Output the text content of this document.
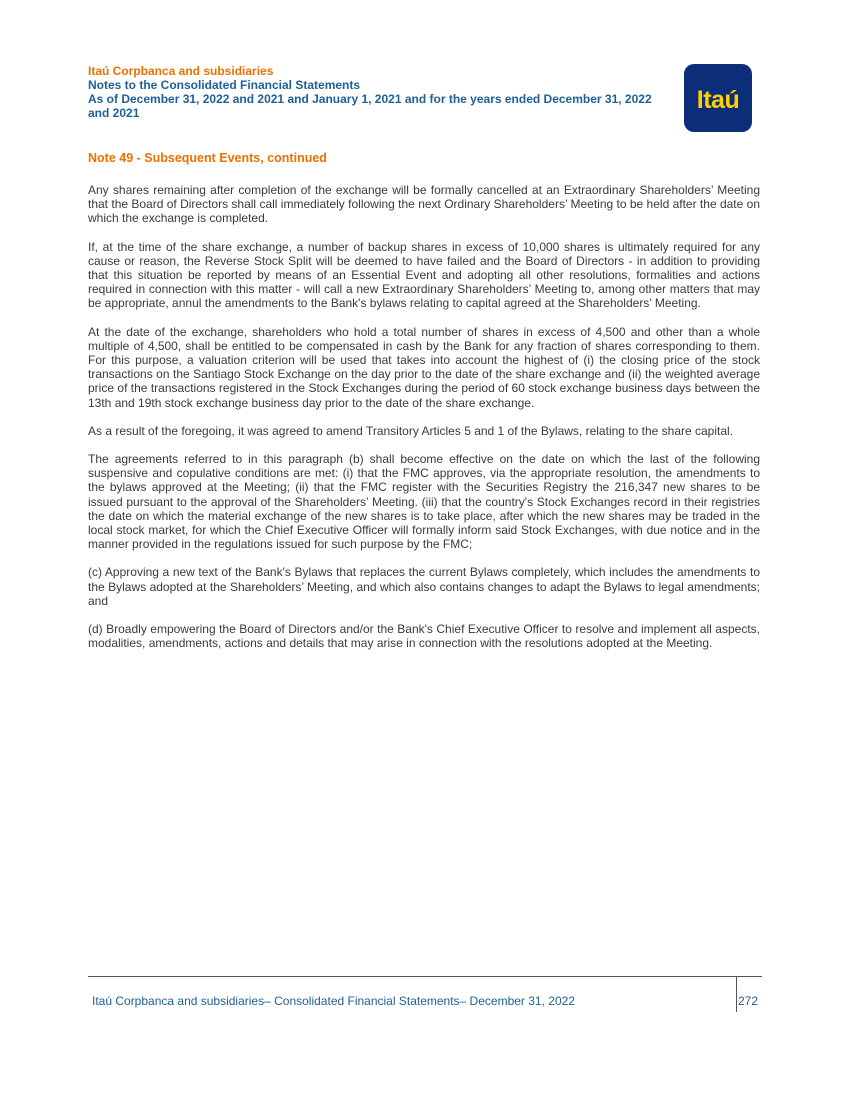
Itaú Corpbanca and subsidiaries
Notes to the Consolidated Financial Statements
As of December 31, 2022 and 2021 and January 1, 2021 and for the years ended December 31, 2022
and 2021	Itaú
Note 49 - Subsequent Events, continued

Any shares remaining after completion of the exchange will be formally cancelled at an Extraordinary Shareholders’ Meeting that the Board of Directors shall call immediately following the next Ordinary Shareholders’ Meeting to be held after the date on which the exchange is completed.

If, at the time of the share exchange, a number of backup shares in excess of 10,000 shares is ultimately required for any cause or reason, the Reverse Stock Split will be deemed to have failed and the Board of Directors - in addition to providing that this situation be reported by means of an Essential Event and adopting all other resolutions, formalities and actions required in connection with this matter - will call a new Extraordinary Shareholders’ Meeting to, among other matters that may be appropriate, annul the amendments to the Bank's bylaws relating to capital agreed at the Shareholders’ Meeting.

At the date of the exchange, shareholders who hold a total number of shares in excess of 4,500 and other than a whole multiple of 4,500, shall be entitled to be compensated in cash by the Bank for any fraction of shares corresponding to them. For this purpose, a valuation criterion will be used that takes into account the highest of (i) the closing price of the stock transactions on the Santiago Stock Exchange on the day prior to the date of the share exchange and (ii) the weighted average price of the transactions registered in the Stock Exchanges during the period of 60 stock exchange business days between the 13th and 19th stock exchange business day prior to the date of the share exchange.

As a result of the foregoing, it was agreed to amend Transitory Articles 5 and 1 of the Bylaws, relating to the share capital.

The agreements referred to in this paragraph (b) shall become effective on the date on which the last of the following suspensive and copulative conditions are met: (i) that the FMC approves, via the appropriate resolution, the amendments to the bylaws approved at the Meeting; (ii) that the FMC register with the Securities Registry the 216,347 new shares to be issued pursuant to the approval of the Shareholders’ Meeting. (iii) that the country's Stock Exchanges record in their registries the date on which the material exchange of the new shares is to take place, after which the new shares may be traded in the local stock market, for which the Chief Executive Officer will formally inform said Stock Exchanges, with due notice and in the manner provided in the regulations issued for such purpose by the FMC;

(c) Approving a new text of the Bank's Bylaws that replaces the current Bylaws completely, which includes the amendments to the Bylaws adopted at the Shareholders’ Meeting, and which also contains changes to adapt the Bylaws to legal amendments; and

(d) Broadly empowering the Board of Directors and/or the Bank's Chief Executive Officer to resolve and implement all aspects, modalities, amendments, actions and details that may arise in connection with the resolutions adopted at the Meeting.

Itaú Corpbanca and subsidiaries– Consolidated Financial Statements– December 31, 2022	272
